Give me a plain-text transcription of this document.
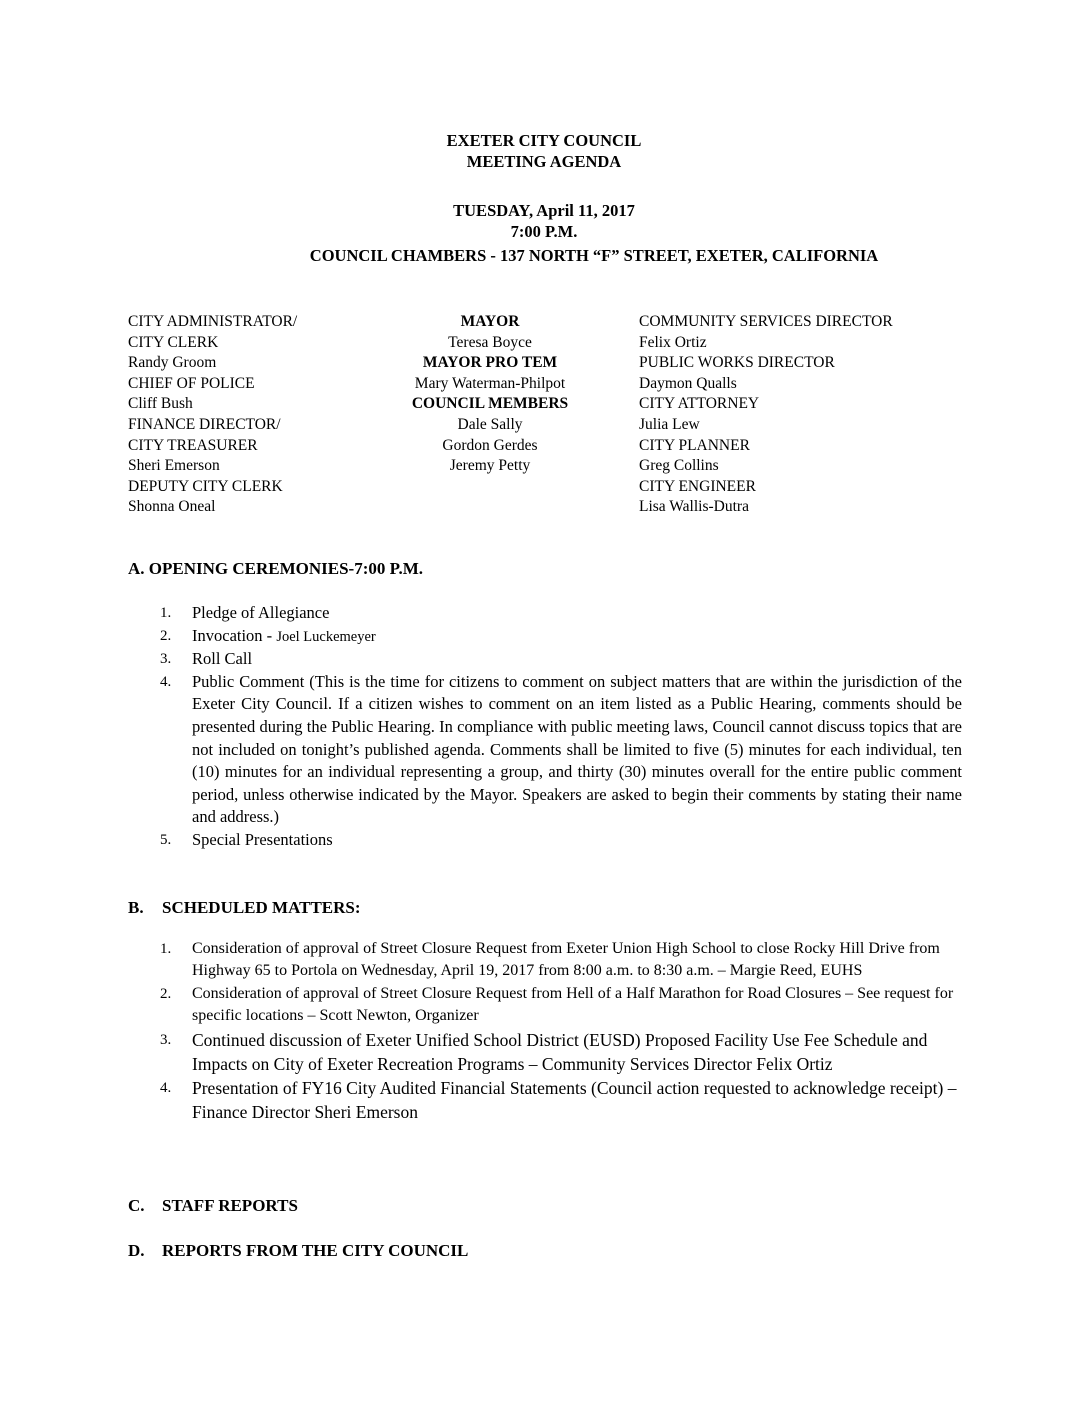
EXETER CITY COUNCIL
MEETING AGENDA
TUESDAY, April 11, 2017
7:00 P.M.
COUNCIL CHAMBERS - 137 NORTH “F” STREET, EXETER, CALIFORNIA
CITY ADMINISTRATOR/
CITY CLERK
Randy Groom
CHIEF OF POLICE
Cliff Bush
FINANCE DIRECTOR/
CITY TREASURER
Sheri Emerson
DEPUTY CITY CLERK
Shonna Oneal
MAYOR
Teresa Boyce
MAYOR PRO TEM
Mary Waterman-Philpot
COUNCIL MEMBERS
Dale Sally
Gordon Gerdes
Jeremy Petty
COMMUNITY SERVICES DIRECTOR
Felix Ortiz
PUBLIC WORKS DIRECTOR
Daymon Qualls
CITY ATTORNEY
Julia Lew
CITY PLANNER
Greg Collins
CITY ENGINEER
Lisa Wallis-Dutra
A. OPENING CEREMONIES-7:00 P.M.
1. Pledge of Allegiance
2. Invocation - Joel Luckemeyer
3. Roll Call
4. Public Comment (This is the time for citizens to comment on subject matters that are within the jurisdiction of the Exeter City Council. If a citizen wishes to comment on an item listed as a Public Hearing, comments should be presented during the Public Hearing. In compliance with public meeting laws, Council cannot discuss topics that are not included on tonight’s published agenda. Comments shall be limited to five (5) minutes for each individual, ten (10) minutes for an individual representing a group, and thirty (30) minutes overall for the entire public comment period, unless otherwise indicated by the Mayor. Speakers are asked to begin their comments by stating their name and address.)
5. Special Presentations
B. SCHEDULED MATTERS:
1. Consideration of approval of Street Closure Request from Exeter Union High School to close Rocky Hill Drive from Highway 65 to Portola on Wednesday, April 19, 2017 from 8:00 a.m. to 8:30 a.m. – Margie Reed, EUHS
2. Consideration of approval of Street Closure Request from Hell of a Half Marathon for Road Closures – See request for specific locations – Scott Newton, Organizer
3. Continued discussion of Exeter Unified School District (EUSD) Proposed Facility Use Fee Schedule and Impacts on City of Exeter Recreation Programs – Community Services Director Felix Ortiz
4. Presentation of FY16 City Audited Financial Statements (Council action requested to acknowledge receipt) – Finance Director Sheri Emerson
C. STAFF REPORTS
D. REPORTS FROM THE CITY COUNCIL
